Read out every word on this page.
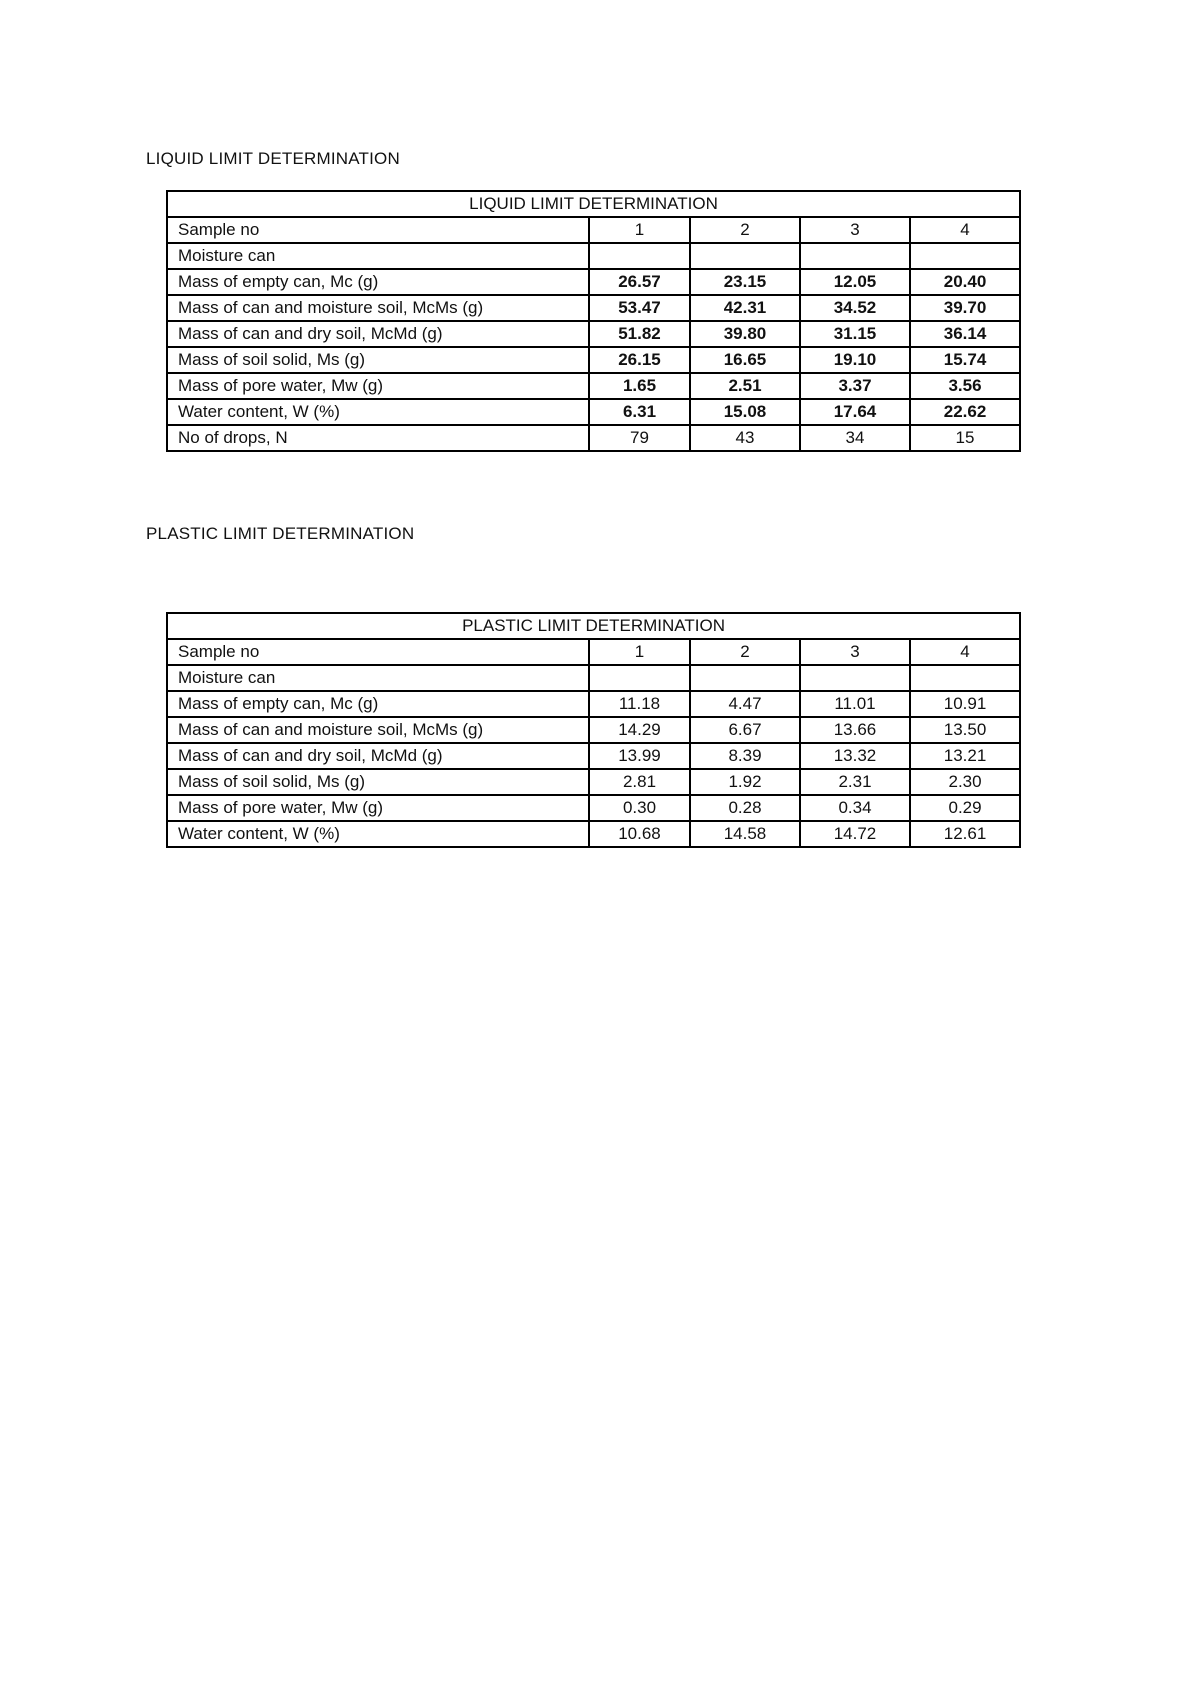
LIQUID LIMIT DETERMINATION
LIQUID LIMIT DETERMINATION				
Sample no	1	2	3	4
Moisture can				
Mass of empty can, Mc (g)	26.57	23.15	12.05	20.40
Mass of can and moisture soil, McMs (g)	53.47	42.31	34.52	39.70
Mass of can and dry soil, McMd (g)	51.82	39.80	31.15	36.14
Mass of soil solid, Ms (g)	26.15	16.65	19.10	15.74
Mass of pore water, Mw (g)	1.65	2.51	3.37	3.56
Water content, W (%)	6.31	15.08	17.64	22.62
No of drops, N	79	43	34	15
PLASTIC LIMIT DETERMINATION
PLASTIC LIMIT DETERMINATION				
Sample no	1	2	3	4
Moisture can				
Mass of empty can, Mc (g)	11.18	4.47	11.01	10.91
Mass of can and moisture soil, McMs (g)	14.29	6.67	13.66	13.50
Mass of can and dry soil, McMd (g)	13.99	8.39	13.32	13.21
Mass of soil solid, Ms (g)	2.81	1.92	2.31	2.30
Mass of pore water, Mw (g)	0.30	0.28	0.34	0.29
Water content, W (%)	10.68	14.58	14.72	12.61
